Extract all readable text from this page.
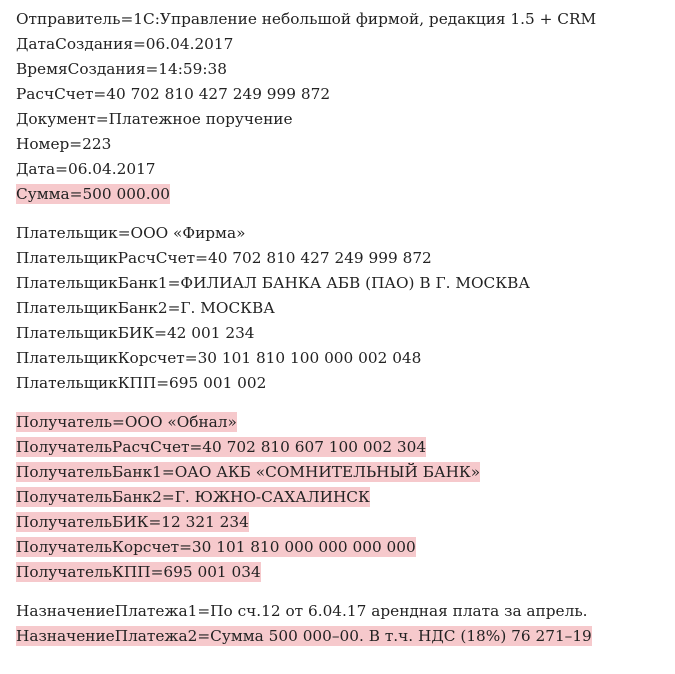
Отправитель=1С:Управление небольшой фирмой, редакция 1.5 + CRM
ДатаСоздания=06.04.2017
ВремяСоздания=14:59:38
РасчСчет=40 702 810 427 249 999 872
Документ=Платежное поручение
Номер=223
Дата=06.04.2017
Сумма=500 000.00
Плательщик=ООО «Фирма»
ПлательщикРасчСчет=40 702 810 427 249 999 872
ПлательщикБанк1=ФИЛИАЛ БАНКА АБВ (ПАО) В Г. МОСКВА
ПлательщикБанк2=Г. МОСКВА
ПлательщикБИК=42 001 234
ПлательщикКорсчет=30 101 810 100 000 002 048
ПлательщикКПП=695 001 002
Получатель=ООО «Обнал»
ПолучательРасчСчет=40 702 810 607 100 002 304
ПолучательБанк1=ОАО АКБ «СОМНИТЕЛЬНЫЙ БАНК»
ПолучательБанк2=Г. ЮЖНО-САХАЛИНСК
ПолучательБИК=12 321 234
ПолучательКорсчет=30 101 810 000 000 000 000
ПолучательКПП=695 001 034
НазначениеПлатежа1=По сч.12 от 6.04.17 арендная плата за апрель.
НазначениеПлатежа2=Сумма 500 000–00. В т.ч. НДС (18%) 76 271–19
